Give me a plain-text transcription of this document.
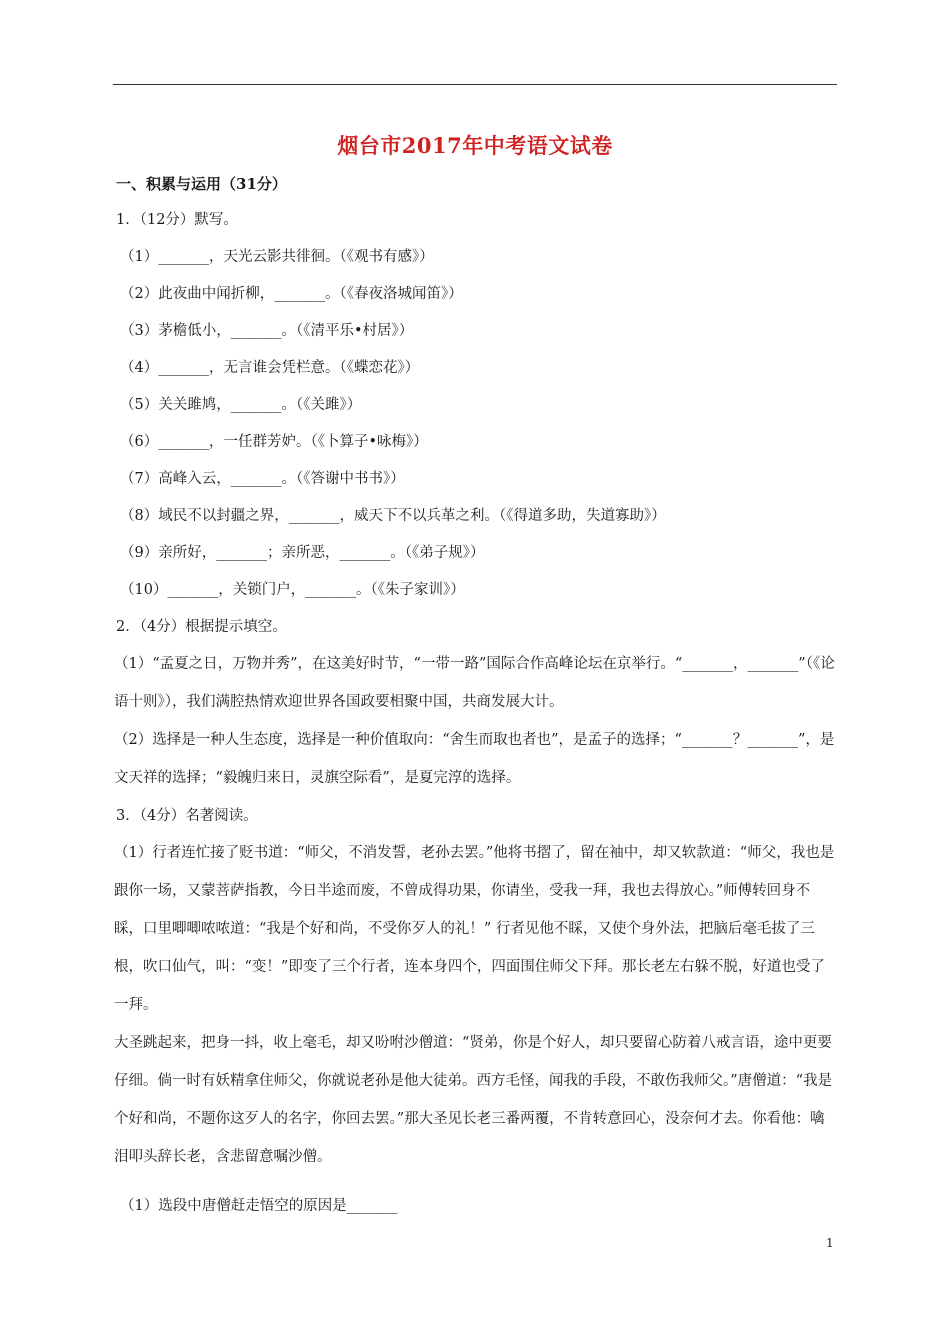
烟台市2017年中考语文试卷
一、积累与运用（31分）
1．（12分）默写。
（1）_______，天光云影共徘徊。（《观书有感》）
（2）此夜曲中闻折柳，_______。（《春夜洛城闻笛》）
（3）茅檐低小，_______。（《清平乐•村居》）
（4）_______，无言谁会凭栏意。（《蝶恋花》）
（5）关关雎鸠，_______。（《关雎》）
（6）_______，一任群芳妒。（《卜算子•咏梅》）
（7）高峰入云，_______。（《答谢中书书》）
（8）域民不以封疆之界，_______，威天下不以兵革之利。（《得道多助，失道寡助》）
（9）亲所好，_______；亲所恶，_______。（《弟子规》）
（10）_______，关锁门户，_______。（《朱子家训》）
2．（4分）根据提示填空。
（1）“孟夏之日，万物并秀”，在这美好时节，“一带一路”国际合作高峰论坛在京举行。“_______，_______”（《论语十则》），我们满腔热情欢迎世界各国政要相聚中国，共商发展大计。
（2）选择是一种人生态度，选择是一种价值取向：“舍生而取也者也”，是孟子的选择；“_______？_______”，是文天祥的选择；“毅魄归来日，灵旗空际看”，是夏完淳的选择。
3．（4分）名著阅读。
（1）行者连忙接了贬书道：“师父，不消发誓，老孙去罢。”他将书摺了，留在袖中，却又软款道：“师父，我也是跟你一场，又蒙菩萨指教，今日半途而废，不曾成得功果，你请坐，受我一拜，我也去得放心。”师傅转回身不睬，口里唧唧哝哝道：“我是个好和尚，不受你歹人的礼！” 行者见他不睬，又使个身外法，把脑后毫毛拔了三根，吹口仙气，叫：“变！”即变了三个行者，连本身四个，四面围住师父下拜。那长老左右躲不脱，好道也受了一拜。
大圣跳起来，把身一抖，收上毫毛，却又吩咐沙僧道：“贤弟，你是个好人，却只要留心防着八戒言语，途中更要仔细。倘一时有妖精拿住师父，你就说老孙是他大徒弟。西方毛怪，闻我的手段，不敢伤我师父。”唐僧道：“我是个好和尚，不题你这歹人的名字，你回去罢。”那大圣见长老三番两覆，不肯转意回心，没奈何才去。你看他：噙泪叩头辞长老，含悲留意嘱沙僧。
（1）选段中唐僧赶走悟空的原因是_______
1
